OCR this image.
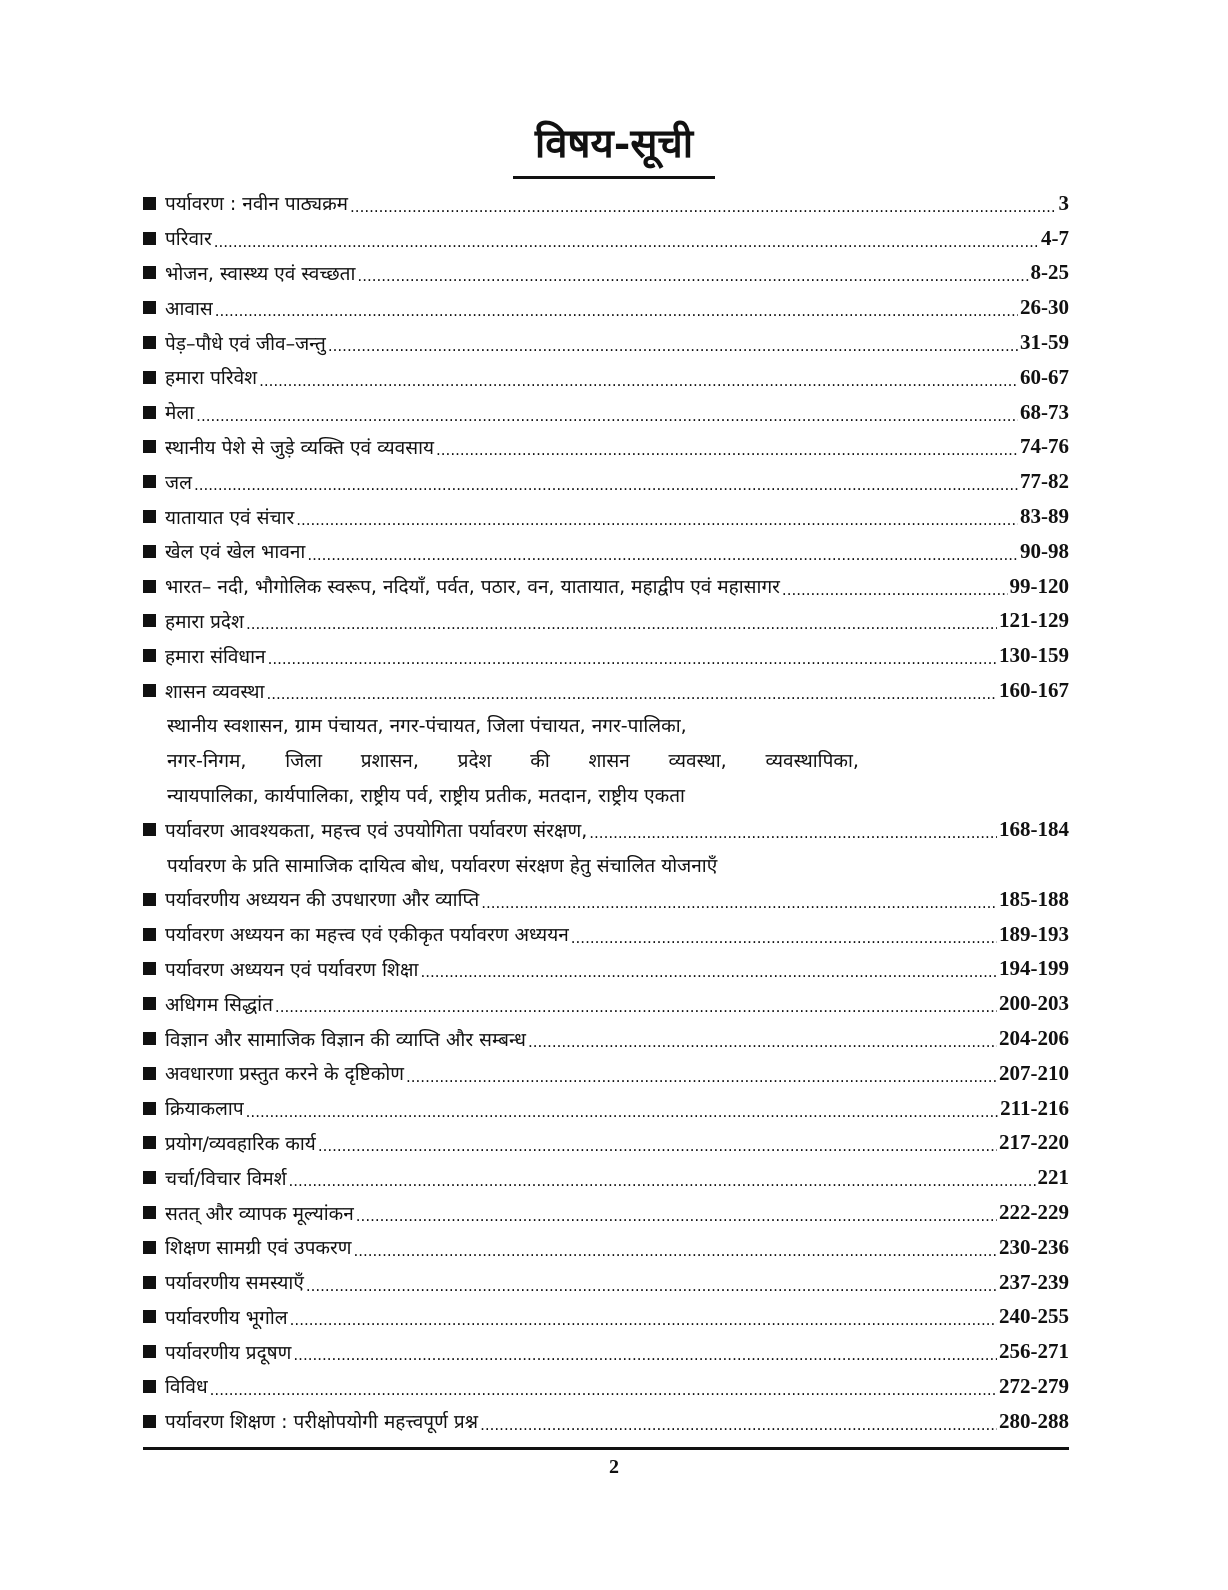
विषय-सूची
पर्यावरण : नवीन पाठ्यक्रम .....	3
परिवार .....	4-7
भोजन, स्वास्थ्य एवं स्वच्छता .....	8-25
आवास .....	26-30
पेड़–पौधे एवं जीव–जन्तु .....	31-59
हमारा परिवेश .....	60-67
मेला .....	68-73
स्थानीय पेशे से जुड़े व्यक्ति एवं व्यवसाय .....	74-76
जल .....	77-82
यातायात एवं संचार .....	83-89
खेल एवं खेल भावना .....	90-98
भारत– नदी, भौगोलिक स्वरूप, नदियाँ, पर्वत, पठार, वन, यातायात, महाद्वीप एवं महासागर .....	99-120
हमारा प्रदेश .....	121-129
हमारा संविधान .....	130-159
शासन व्यवस्था .....	160-167
स्थानीय स्वशासन, ग्राम पंचायत, नगर-पंचायत, जिला पंचायत, नगर-पालिका,
नगर-निगम, जिला प्रशासन, प्रदेश की शासन व्यवस्था, व्यवस्थापिका,
न्यायपालिका, कार्यपालिका, राष्ट्रीय पर्व, राष्ट्रीय प्रतीक, मतदान, राष्ट्रीय एकता
पर्यावरण आवश्यकता, महत्त्व एवं उपयोगिता पर्यावरण संरक्षण, .....	168-184
पर्यावरण के प्रति सामाजिक दायित्व बोध, पर्यावरण संरक्षण हेतु संचालित योजनाएँ
पर्यावरणीय अध्ययन की उपधारणा और व्याप्ति .....	185-188
पर्यावरण अध्ययन का महत्त्व एवं एकीकृत पर्यावरण अध्ययन .....	189-193
पर्यावरण अध्ययन एवं पर्यावरण शिक्षा .....	194-199
अधिगम सिद्धांत .....	200-203
विज्ञान और सामाजिक विज्ञान की व्याप्ति और सम्बन्ध .....	204-206
अवधारणा प्रस्तुत करने के दृष्टिकोण .....	207-210
क्रियाकलाप .....	211-216
प्रयोग/व्यवहारिक कार्य .....	217-220
चर्चा/विचार विमर्श .....	221
सतत् और व्यापक मूल्यांकन .....	222-229
शिक्षण सामग्री एवं उपकरण .....	230-236
पर्यावरणीय समस्याएँ .....	237-239
पर्यावरणीय भूगोल .....	240-255
पर्यावरणीय प्रदूषण .....	256-271
विविध .....	272-279
पर्यावरण शिक्षण : परीक्षोपयोगी महत्त्वपूर्ण प्रश्न .....	280-288
2
